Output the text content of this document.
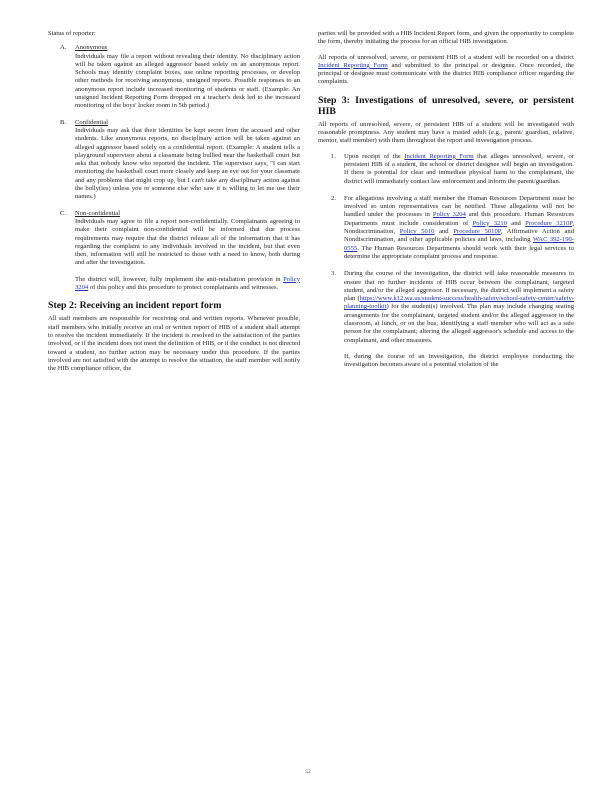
Status of reporter:

A. Anonymous

Individuals may file a report without revealing their identity. No disciplinary action will be taken against an alleged aggressor based solely on an anonymous report. Schools may identify complaint boxes, use online reporting processes, or develop other methods for receiving anonymous, unsigned reports. Possible responses to an anonymous report include increased monitoring of students or staff. (Example: An unsigned Incident Reporting Form dropped on a teacher's desk led to the increased monitoring of the boys' locker room in 5th period.)

B. Confidential

Individuals may ask that their identities be kept secret from the accused and other students. Like anonymous reports, no disciplinary action will be taken against an alleged aggressor based solely on a confidential report. (Example: A student tells a playground supervisor about a classmate being bullied near the basketball court but asks that nobody know who reported the incident. The supervisor says, "I can start monitoring the basketball court more closely and keep an eye out for your classmate and any problems that might crop up, but I can't take any disciplinary action against the bully(ies) unless you or someone else who saw it is willing to let me use their names.)

C. Non-confidential

Individuals may agree to file a report non-confidentially. Complainants agreeing to make their complaint non-confidential will be informed that due process requirements may require that the district release all of the information that it has regarding the complaint to any individuals involved in the incident, but that even then, information will still be restricted to those with a need to know, both during and after the investigation.

The district will, however, fully implement the anti-retaliation provision in Policy 3204 of this policy and this procedure to protect complainants and witnesses.

Step 2: Receiving an incident report form

All staff members are responsible for receiving oral and written reports. Whenever possible, staff members who initially receive an oral or written report of HIB of a student shall attempt to resolve the incident immediately. If the incident is resolved to the satisfaction of the parties involved, or if the incident does not meet the definition of HIB, or if the conduct is not directed toward a student, no further action may be necessary under this procedure. If the parties involved are not satisfied with the attempt to resolve the situation, the staff member will notify the HIB compliance officer, the

parties will be provided with a HIB Incident Report form, and given the opportunity to complete the form, thereby initiating the process for an official HIB investigation.

All reports of unresolved, severe, or persistent HIB of a student will be recorded on a district Incident Reporting Form and submitted to the principal or designee. Once recorded, the principal or designee must communicate with the district HIB compliance officer regarding the complaints.

Step 3: Investigations of unresolved, severe, or persistent HIB

All reports of unresolved, severe, or persistent HIB of a student will be investigated with reasonable promptness. Any student may have a trusted adult (e.g., parent/ guardian, relative, mentor, staff member) with them throughout the report and investigation process.

1. Upon receipt of the Incident Reporting Form that alleges unresolved, severe, or persistent HIB of a student, the school or district designee will begin an investigation. If there is potential for clear and immediate physical harm to the complainant, the district will immediately contact law enforcement and inform the parent/guardian.
2. For allegations involving a staff member the Human Resources Department must be involved so union representatives can be notified. These allegations will not be handled under the processes in Policy 3204 and this procedure. Human Resources Departments must include consideration of Policy 3210 and Procedure 3210P, Nondiscrimination, Policy 5010 and Procedure 5010P, Affirmative Action and Nondiscrimination, and other applicable policies and laws, including WAC 392-190-0555. The Human Resources Departments should work with their legal services to determine the appropriate complaint process and response.
3. During the course of the investigation, the district will take reasonable measures to ensure that no further incidents of HIB occur between the complainant, targeted student, and/or the alleged aggressor. If necessary, the district will implement a safety plan (https://www.k12.wa.us/student-success/health-safety/school-safety-center/safety-planning-toolkit) for the student(s) involved. The plan may include changing seating arrangements for the complainant, targeted student and/or the alleged aggressor in the classroom, at lunch, or on the bus; identifying a staff member who will act as a safe person for the complainant; altering the alleged aggressor's schedule and access to the complainant, and other measures.
If, during the course of an investigation, the district employee conducting the investigation becomes aware of a potential violation of the
52
